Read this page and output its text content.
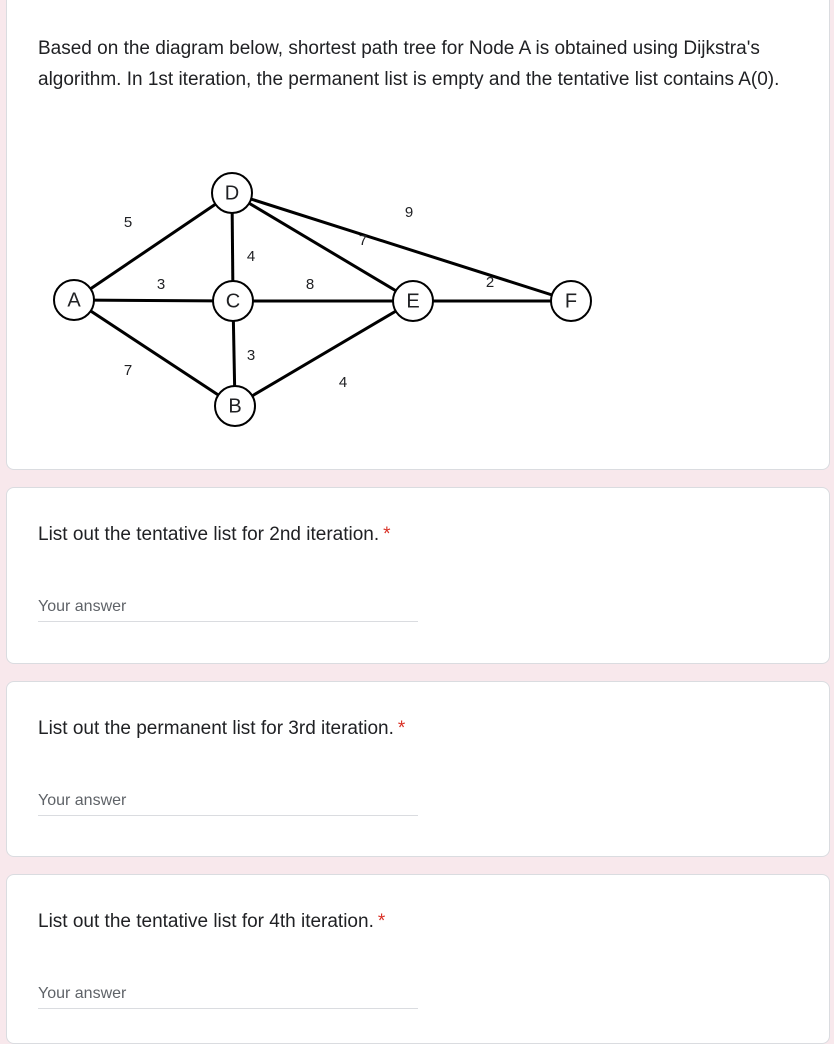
Based on the diagram below, shortest path tree for Node A is obtained using Dijkstra's algorithm. In 1st iteration, the permanent list is empty and the tentative list contains A(0).

5
3
7
4
3
7
9
8
4
2
A
B
C
D
E	F

List out the tentative list for 2nd iteration. *

Your answer

List out the permanent list for 3rd iteration. *

Your answer

List out the tentative list for 4th iteration. *

Your answer
